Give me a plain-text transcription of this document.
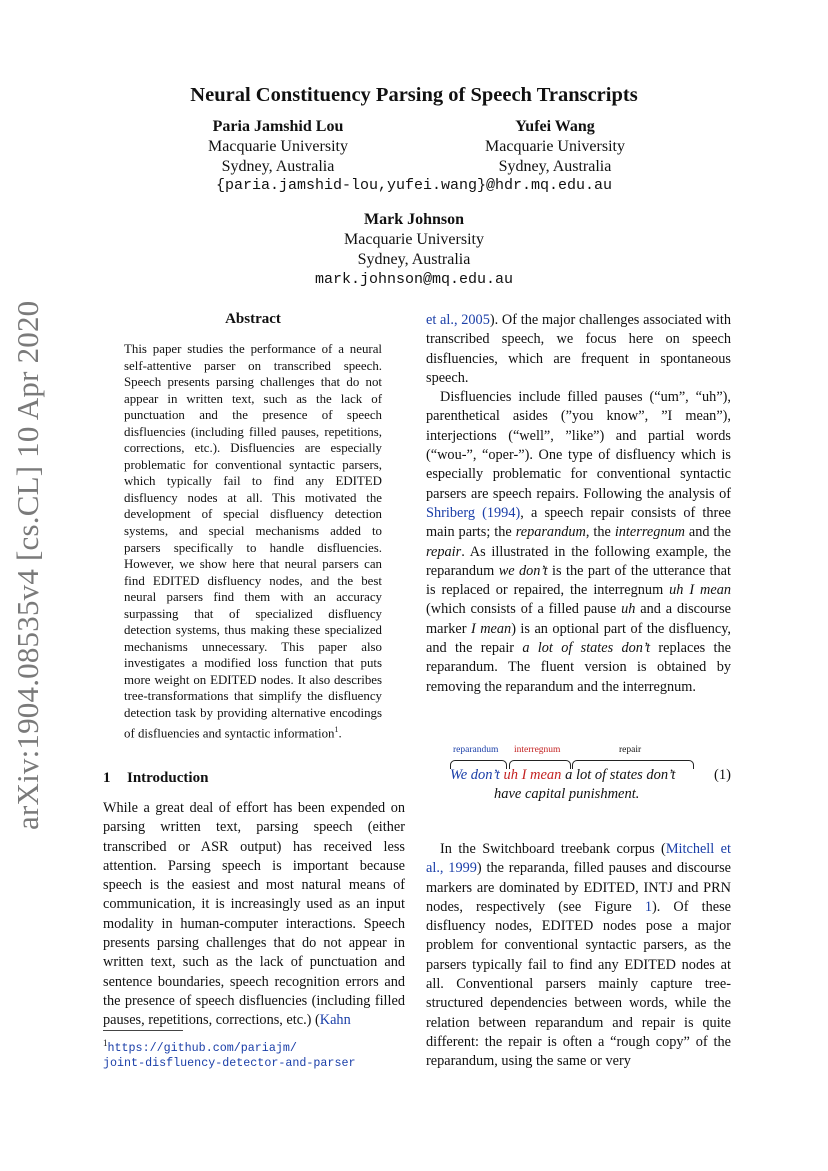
arXiv:1904.08535v4 [cs.CL] 10 Apr 2020
Neural Constituency Parsing of Speech Transcripts
Paria Jamshid Lou
Macquarie University
Sydney, Australia
Yufei Wang
Macquarie University
Sydney, Australia
{paria.jamshid-lou,yufei.wang}@hdr.mq.edu.au
Mark Johnson
Macquarie University
Sydney, Australia
mark.johnson@mq.edu.au
Abstract
This paper studies the performance of a neural self-attentive parser on transcribed speech. Speech presents parsing challenges that do not appear in written text, such as the lack of punctuation and the presence of speech disfluencies (including filled pauses, repetitions, corrections, etc.). Disfluencies are especially problematic for conventional syntactic parsers, which typically fail to find any EDITED disfluency nodes at all. This motivated the development of special disfluency detection systems, and special mechanisms added to parsers specifically to handle disfluencies. However, we show here that neural parsers can find EDITED disfluency nodes, and the best neural parsers find them with an accuracy surpassing that of specialized disfluency detection systems, thus making these specialized mechanisms unnecessary. This paper also investigates a modified loss function that puts more weight on EDITED nodes. It also describes tree-transformations that simplify the disfluency detection task by providing alternative encodings of disfluencies and syntactic information$^1$.
1 Introduction

While a great deal of effort has been expended on parsing written text, parsing speech (either transcribed or ASR output) has received less attention. Parsing speech is important because speech is the easiest and most natural means of communication, it is increasingly used as an input modality in human-computer interactions. Speech presents parsing challenges that do not appear in written text, such as the lack of punctuation and sentence boundaries, speech recognition errors and the presence of speech disfluencies (including filled pauses, repetitions, corrections, etc.) (Kahn

$^1$https://github.com/pariajm/
joint-disfluency-detector-and-parser

et al., 2005). Of the major challenges associated with transcribed speech, we focus here on speech disfluencies, which are frequent in spontaneous speech.

Disfluencies include filled pauses (“um”, “uh”), parenthetical asides (”you know”, ”I mean”), interjections (“well”, ”like”) and partial words (“wou-”, “oper-”). One type of disfluency which is especially problematic for conventional syntactic parsers are speech repairs. Following the analysis of Shriberg (1994), a speech repair consists of three main parts; the reparandum, the interregnum and the repair. As illustrated in the following example, the reparandum we don’t is the part of the utterance that is replaced or repaired, the interregnum uh I mean (which consists of a filled pause uh and a discourse marker I mean) is an optional part of the disfluency, and the repair a lot of states don’t replaces the reparandum. The fluent version is obtained by removing the reparandum and the interregnum.

reparandum interregnum	repair
We don’t uh I mean a lot of states don’t
have capital punishment.
(1)

In the Switchboard treebank corpus (Mitchell et al., 1999) the reparanda, filled pauses and discourse markers are dominated by EDITED, INTJ and PRN nodes, respectively (see Figure 1). Of these disfluency nodes, EDITED nodes pose a major problem for conventional syntactic parsers, as the parsers typically fail to find any EDITED nodes at all. Conventional parsers mainly capture tree-structured dependencies between words, while the relation between reparandum and repair is quite different: the repair is often a “rough copy” of the reparandum, using the same or very
